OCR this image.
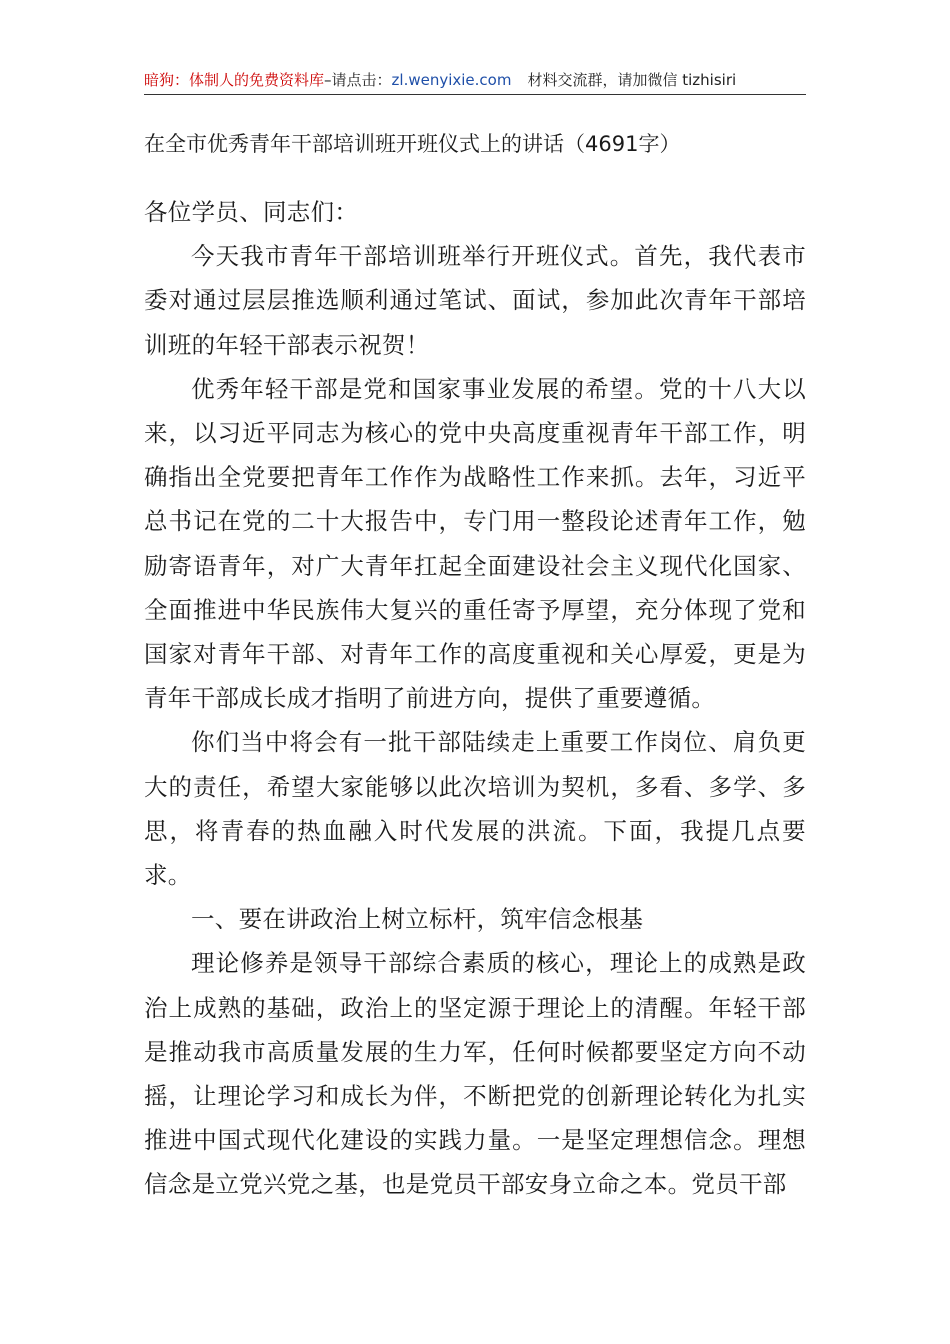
暗狗：体制人的免费资料库–请点击：zl.wenyixie.com 材料交流群，请加微信 tizhisiri
在全市优秀青年干部培训班开班仪式上的讲话（4691字）

各位学员、同志们：

今天我市青年干部培训班举行开班仪式。首先，我代表市委对通过层层推选顺利通过笔试、面试，参加此次青年干部培训班的年轻干部表示祝贺！

优秀年轻干部是党和国家事业发展的希望。党的十八大以来，以习近平同志为核心的党中央高度重视青年干部工作，明确指出全党要把青年工作作为战略性工作来抓。去年，习近平总书记在党的二十大报告中，专门用一整段论述青年工作，勉励寄语青年，对广大青年扛起全面建设社会主义现代化国家、全面推进中华民族伟大复兴的重任寄予厚望，充分体现了党和国家对青年干部、对青年工作的高度重视和关心厚爱，更是为青年干部成长成才指明了前进方向，提供了重要遵循。

你们当中将会有一批干部陆续走上重要工作岗位、肩负更大的责任，希望大家能够以此次培训为契机，多看、多学、多思，将青春的热血融入时代发展的洪流。下面，我提几点要求。

一、要在讲政治上树立标杆，筑牢信念根基

理论修养是领导干部综合素质的核心，理论上的成熟是政治上成熟的基础，政治上的坚定源于理论上的清醒。年轻干部是推动我市高质量发展的生力军，任何时候都要坚定方向不动摇，让理论学习和成长为伴，不断把党的创新理论转化为扎实推进中国式现代化建设的实践力量。一是坚定理想信念。理想信念是立党兴党之基，也是党员干部安身立命之本。党员干部
